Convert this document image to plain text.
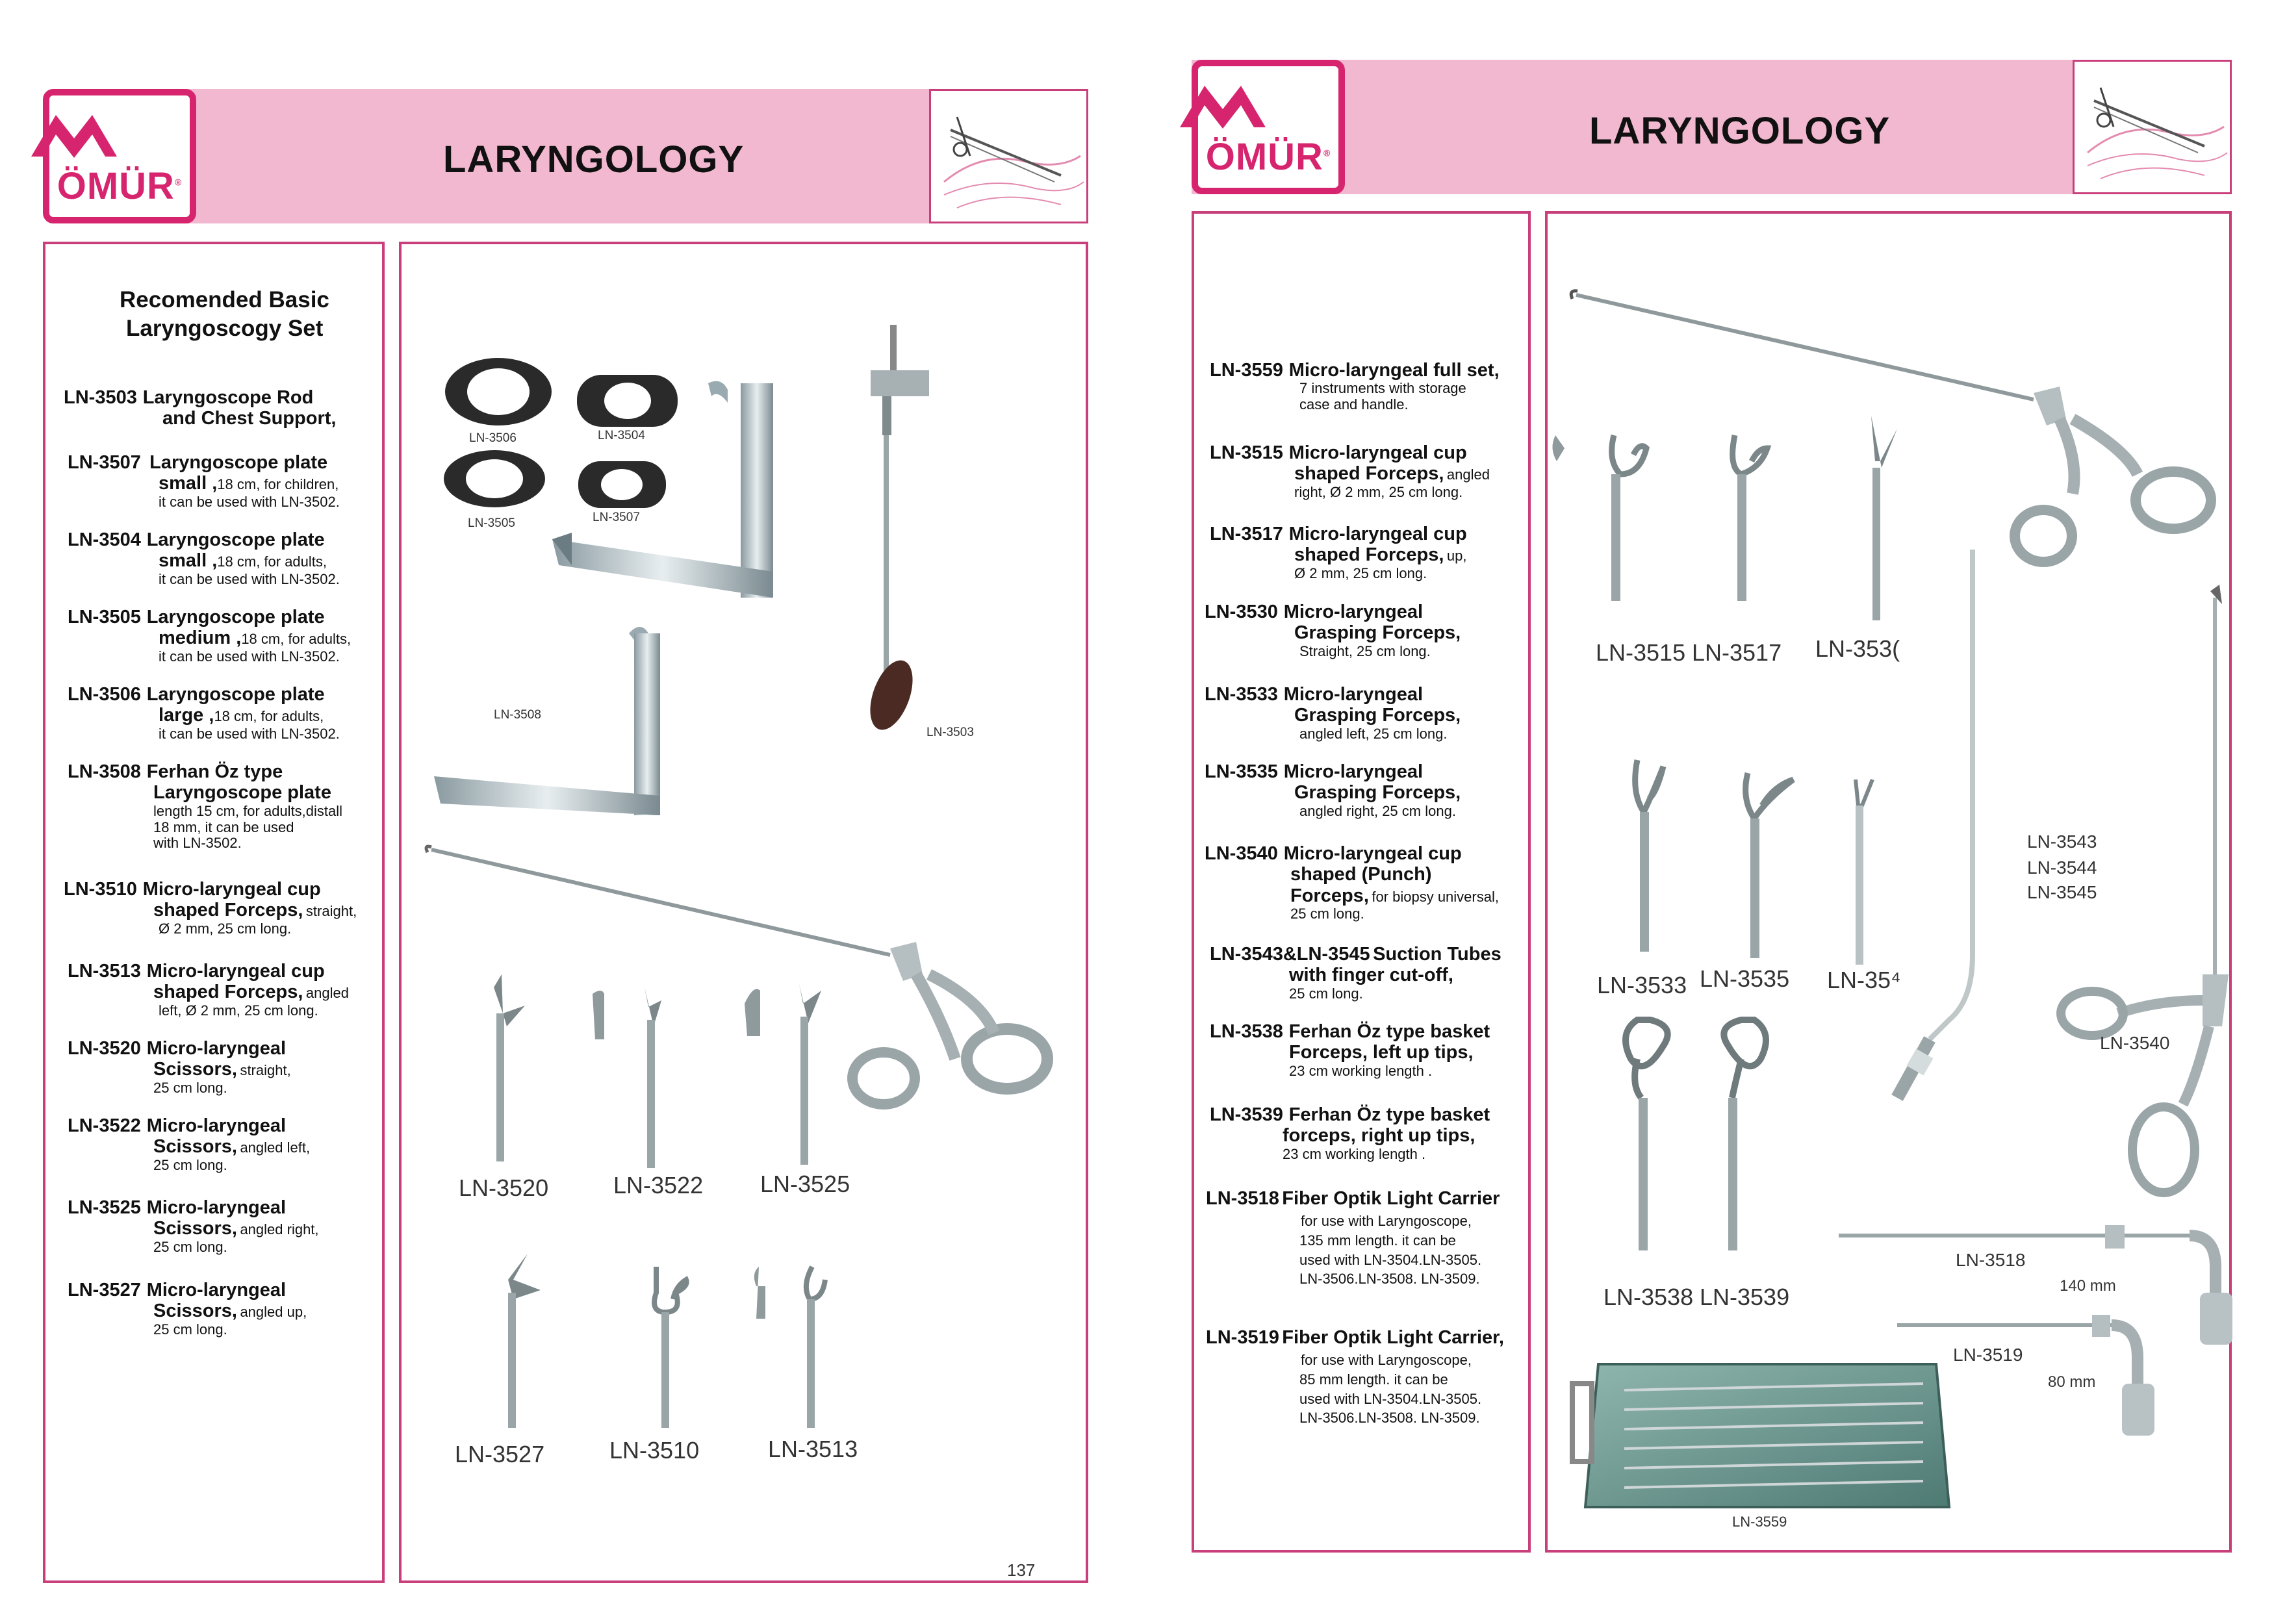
ÖMÜR®
LARYNGOLOGY
Recomended Basic
Laryngoscogy Set
LN-3503 Laryngoscope Rod
and Chest Support,
LN-3507 Laryngoscope plate
small ,18 cm, for children,
it can be used with LN-3502.
LN-3504 Laryngoscope plate
small ,18 cm, for adults,
it can be used with LN-3502.
LN-3505 Laryngoscope plate
medium ,18 cm, for adults,
it can be used with LN-3502.
LN-3506 Laryngoscope plate
large ,18 cm, for adults,
it can be used with LN-3502.
LN-3508 Ferhan Öz type
Laryngoscope plate
length 15 cm, for adults,distall
18 mm, it can be used
with LN-3502.
LN-3510 Micro-laryngeal cup
shaped Forceps, straight,
Ø 2 mm, 25 cm long.
LN-3513 Micro-laryngeal cup
shaped Forceps, angled
left, Ø 2 mm, 25 cm long.
LN-3520 Micro-laryngeal
Scissors, straight,
25 cm long.
LN-3522 Micro-laryngeal
Scissors, angled left,
25 cm long.
LN-3525 Micro-laryngeal
Scissors, angled right,
25 cm long.
LN-3527 Micro-laryngeal
Scissors, angled up,
25 cm long.
LN-3506	LN-3504
LN-3505	LN-3507
LN-3503
LN-3508
LN-3520	LN-3522 LN-3525
LN-3527	LN-3510	LN-3513
137
ÖMÜR®
LARYNGOLOGY
LN-3559 Micro-laryngeal full set,
7 instruments with storage
case and handle.
LN-3515 Micro-laryngeal cup
shaped Forceps, angled
right, Ø 2 mm, 25 cm long.
LN-3517 Micro-laryngeal cup
shaped Forceps, up,
Ø 2 mm, 25 cm long.
LN-3530 Micro-laryngeal
Grasping Forceps,
Straight, 25 cm long.
LN-3533 Micro-laryngeal
Grasping Forceps,
angled left, 25 cm long.
LN-3535 Micro-laryngeal
Grasping Forceps,
angled right, 25 cm long.
LN-3540 Micro-laryngeal cup
shaped (Punch)
Forceps, for biopsy universal,
25 cm long.
LN-3543&LN-3545 Suction Tubes
with finger cut-off,
25 cm long.
LN-3538 Ferhan Öz type basket
Forceps, left up tips,
23 cm working length .
LN-3539 Ferhan Öz type basket
forceps, right up tips,
23 cm working length .
LN-3518 Fiber Optik Light Carrier
for use with Laryngoscope,
135 mm length. it can be
used with LN-3504.LN-3505.
LN-3506.LN-3508. LN-3509.
LN-3519 Fiber Optik Light Carrier,
for use with Laryngoscope,
85 mm length. it can be
used with LN-3504.LN-3505.
LN-3506.LN-3508. LN-3509.
LN-3515 LN-3517 LN-353(
LN-3543
LN-3544
LN-3545
LN-3533 LN-3535 LN-35⁴
LN-3540
LN-3538 LN-3539
LN-3518
140 mm
LN-3519
80 mm
LN-3559
